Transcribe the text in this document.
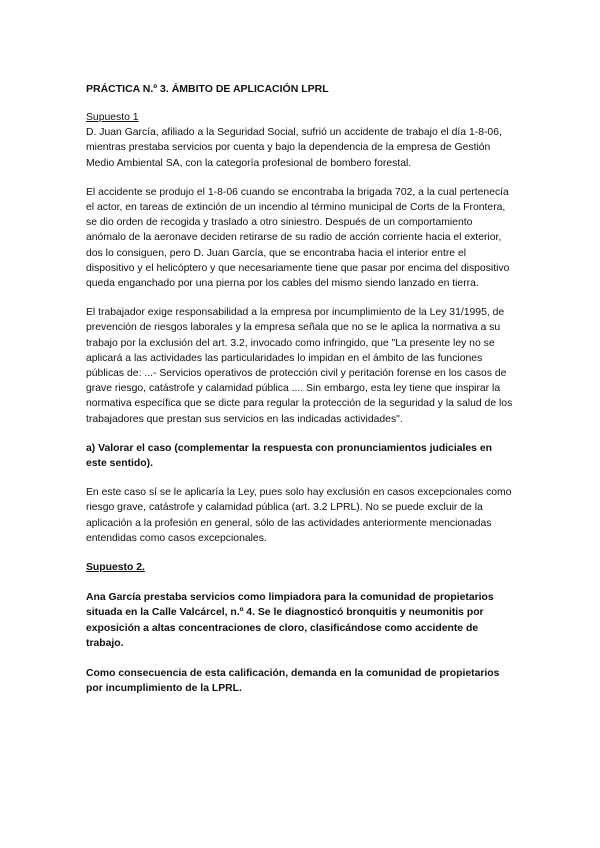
PRÁCTICA N.º 3. ÁMBITO DE APLICACIÓN LPRL

Supuesto 1

D. Juan García, afiliado a la Seguridad Social, sufrió un accidente de trabajo el día 1-8-06,
mientras prestaba servicios por cuenta y bajo la dependencia de la empresa de Gestión
Medio Ambiental SA, con la categoría profesional de bombero forestal.

El accidente se produjo el 1-8-06 cuando se encontraba la brigada 702, a la cual pertenecía
el actor, en tareas de extinción de un incendio al término municipal de Corts de la Frontera,
se dio orden de recogida y traslado a otro siniestro. Después de un comportamiento
anómalo de la aeronave deciden retirarse de su radio de acción corriente hacia el exterior,
dos lo consiguen, pero D. Juan García, que se encontraba hacia el interior entre el
dispositivo y el helicóptero y que necesariamente tiene que pasar por encima del dispositivo
queda enganchado por una pierna por los cables del mismo siendo lanzado en tierra.

El trabajador exige responsabilidad a la empresa por incumplimiento de la Ley 31/1995, de
prevención de riesgos laborales y la empresa señala que no se le aplica la normativa a su
trabajo por la exclusión del art. 3.2, invocado como infringido, que "La presente ley no se
aplicará a las actividades las particularidades lo impidan en el ámbito de las funciones
públicas de: ...- Servicios operativos de protección civil y peritación forense en los casos de
grave riesgo, catástrofe y calamidad pública .... Sin embargo, esta ley tiene que inspirar la
normativa específica que se dicte para regular la protección de la seguridad y la salud de los
trabajadores que prestan sus servicios en las indicadas actividades".

a) Valorar el caso (complementar la respuesta con pronunciamientos judiciales en
este sentido).

En este caso sí se le aplicaría la Ley, pues solo hay exclusión en casos excepcionales como
riesgo grave, catástrofe y calamidad pública (art. 3.2 LPRL). No se puede excluir de la
aplicación a la profesión en general, sólo de las actividades anteriormente mencionadas
entendidas como casos excepcionales.

Supuesto 2.

Ana García prestaba servicios como limpiadora para la comunidad de propietarios
situada en la Calle Valcárcel, n.º 4. Se le diagnosticó bronquitis y neumonitis por
exposición a altas concentraciones de cloro, clasificándose como accidente de
trabajo.

Como consecuencia de esta calificación, demanda en la comunidad de propietarios
por incumplimiento de la LPRL.
